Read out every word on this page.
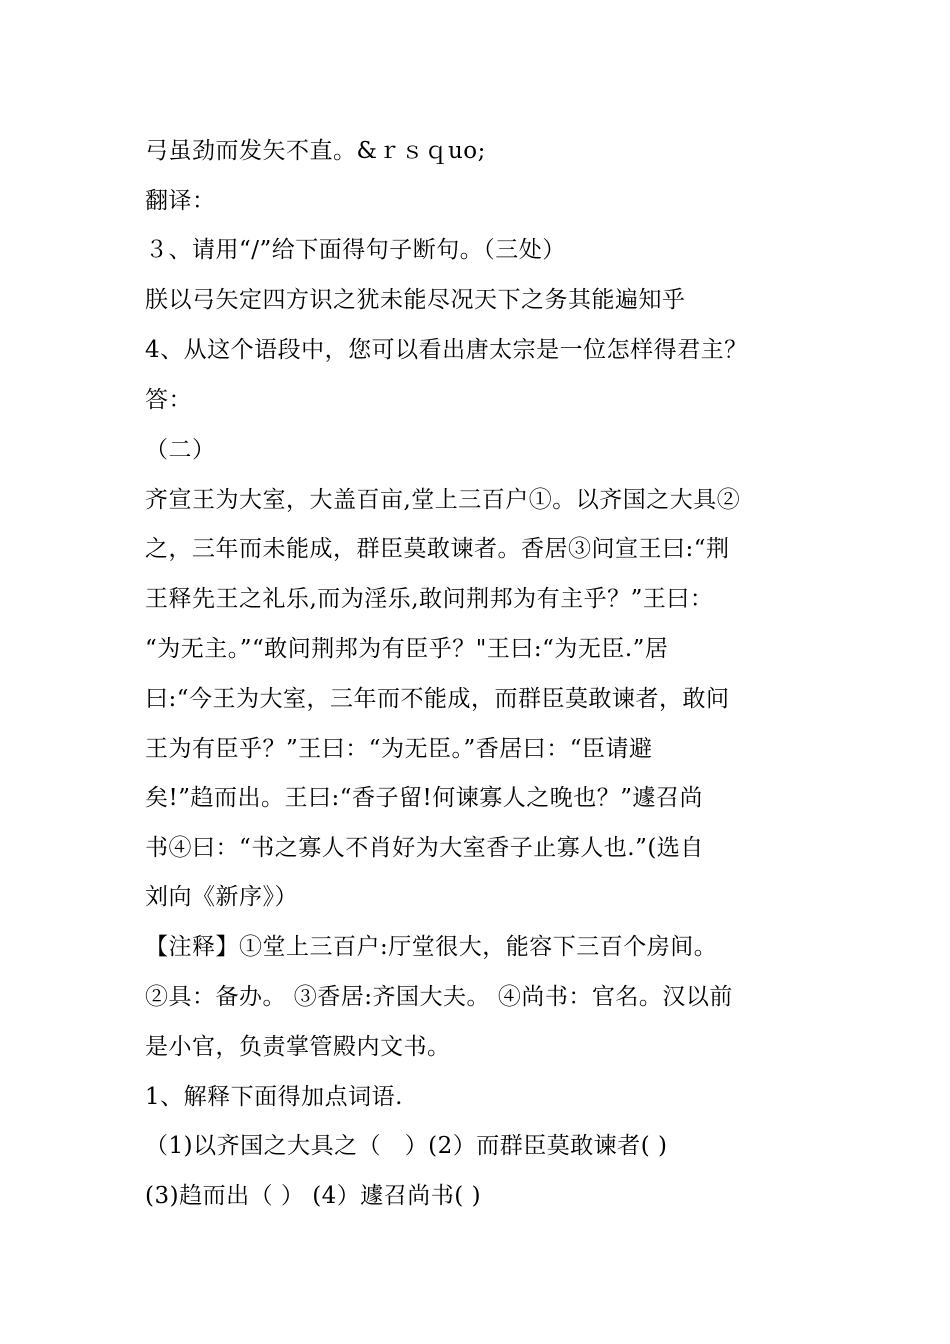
弓虽劲而发矢不直。&ｒｓｑuo;
翻译：
３、请用“/”给下面得句子断句。（三处）
朕以弓矢定四方识之犹未能尽况天下之务其能遍知乎
4、从这个语段中，您可以看出唐太宗是一位怎样得君主？
答：
（二）
齐宣王为大室，大盖百亩,堂上三百户①。以齐国之大具②
之，三年而未能成，群臣莫敢谏者。香居③问宣王曰:“荆
王释先王之礼乐,而为淫乐,敢问荆邦为有主乎？”王曰：
“为无主。”“敢问荆邦为有臣乎？"王曰:“为无臣.”居
曰:“今王为大室，三年而不能成，而群臣莫敢谏者，敢问
王为有臣乎？”王曰：“为无臣。”香居曰：“臣请避
矣!”趋而出。王曰:“香子留!何谏寡人之晚也？”遽召尚
书④曰：“书之寡人不肖好为大室香子止寡人也.”(选自
刘向《新序》）
【注释】①堂上三百户:厅堂很大，能容下三百个房间。
②具：备办。 ③香居:齐国大夫。 ④尚书：官名。汉以前
是小官，负责掌管殿内文书。
1、解释下面得加点词语.
（1)以齐国之大具之（　）(2）而群臣莫敢谏者( )
(3)趋而出（ ） (4）遽召尚书( )
